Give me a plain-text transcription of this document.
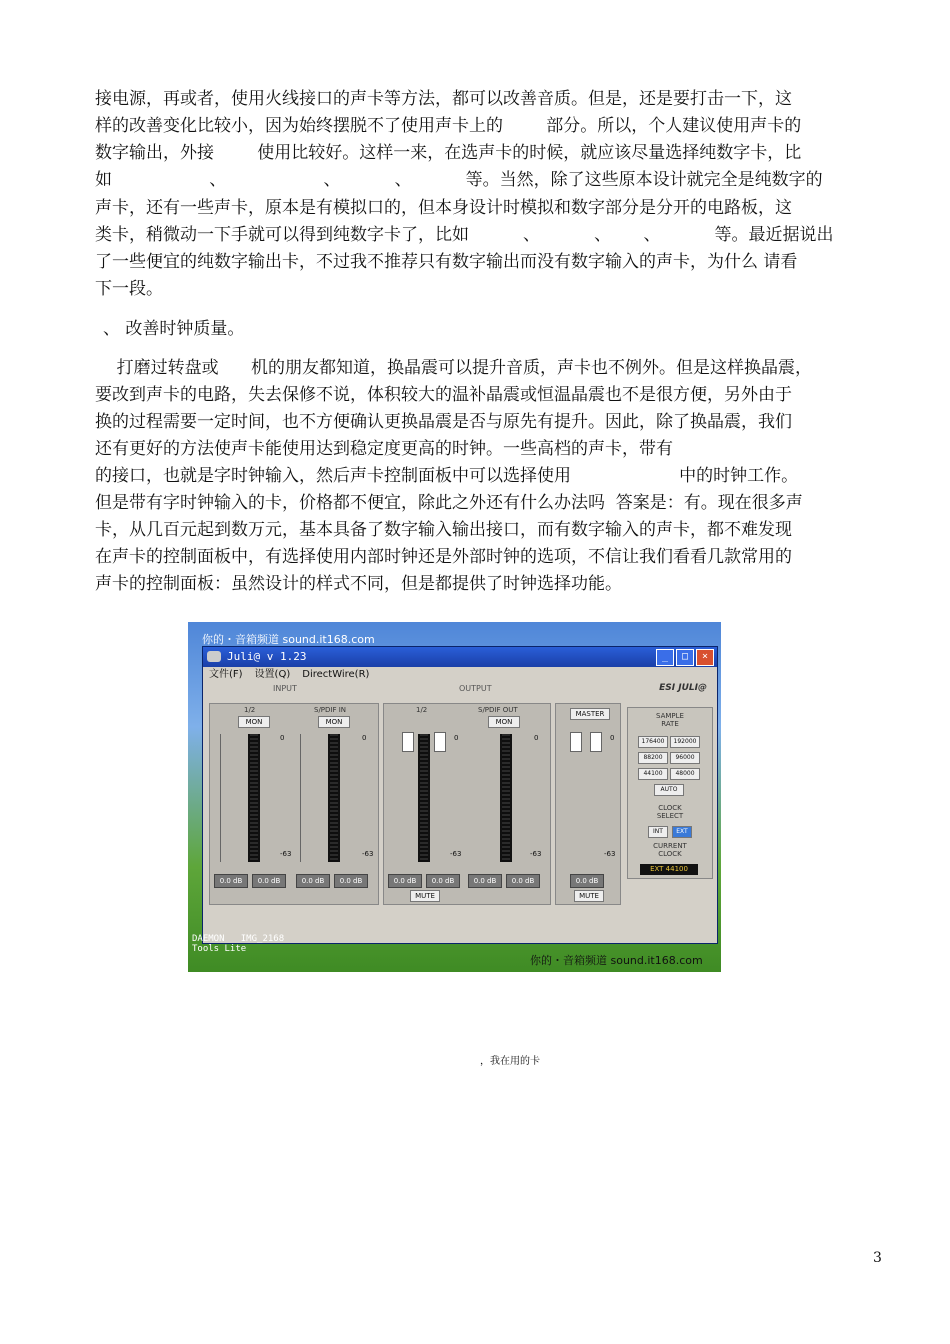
接电源，再或者，使用火线接口的声卡等方法，都可以改善音质。但是，还是要打击一下，这
样的改善变化比较小，因为始终摆脱不了使用声卡上的        部分。所以，个人建议使用声卡的
数字输出，外接        使用比较好。这样一来，在选声卡的时候，就应该尽量选择纯数字卡，比
如                  、                  、          、          等。当然，除了这些原本设计就完全是纯数字的
声卡，还有一些声卡，原本是有模拟口的，但本身设计时模拟和数字部分是分开的电路板，这
类卡，稍微动一下手就可以得到纯数字卡了，比如          、          、      、          等。最近据说出
了一些便宜的纯数字输出卡，不过我不推荐只有数字输出而没有数字输入的声卡，为什么 请看
下一段。
、 改善时钟质量。
打磨过转盘或      机的朋友都知道，换晶震可以提升音质，声卡也不例外。但是这样换晶震，
要改到声卡的电路，失去保修不说，体积较大的温补晶震或恒温晶震也不是很方便，另外由于
换的过程需要一定时间，也不方便确认更换晶震是否与原先有提升。因此，除了换晶震，我们
还有更好的方法使声卡能使用达到稳定度更高的时钟。一些高档的声卡，带有
的接口，也就是字时钟输入，然后声卡控制面板中可以选择使用                    中的时钟工作。
但是带有字时钟输入的卡，价格都不便宜，除此之外还有什么办法吗  答案是：有。现在很多声
卡，从几百元起到数万元，基本具备了数字输入输出接口，而有数字输入的声卡，都不难发现
在声卡的控制面板中，有选择使用内部时钟还是外部时钟的选项，不信让我们看看几款常用的
声卡的控制面板：虽然设计的样式不同，但是都提供了时钟选择功能。
你的・音箱频道 sound.it168.com
Juli@ v 1.23	_	□	×
文件(F) 设置(Q) DirectWire(R)
INPUT	OUTPUT	ESI JULI@
1/2	S/PDIF IN
MON	MON
0	0
-63	-63
0.0 dB	0.0 dB	0.0 dB	0.0 dB
1/2	S/PDIF OUT
MON
0	0
-63	-63
0.0 dB	0.0 dB	0.0 dB	0.0 dB
MUTE
MASTER
0
-63
0.0 dB
MUTE
SAMPLE
RATE
176400	192000
88200	96000
44100	48000
AUTO
CLOCK
SELECT
INT	EXT
CURRENT
CLOCK
EXT 44100
DAEMON   IMG_2168
Tools Lite
你的・音箱频道 sound.it168.com
，我在用的卡
3
